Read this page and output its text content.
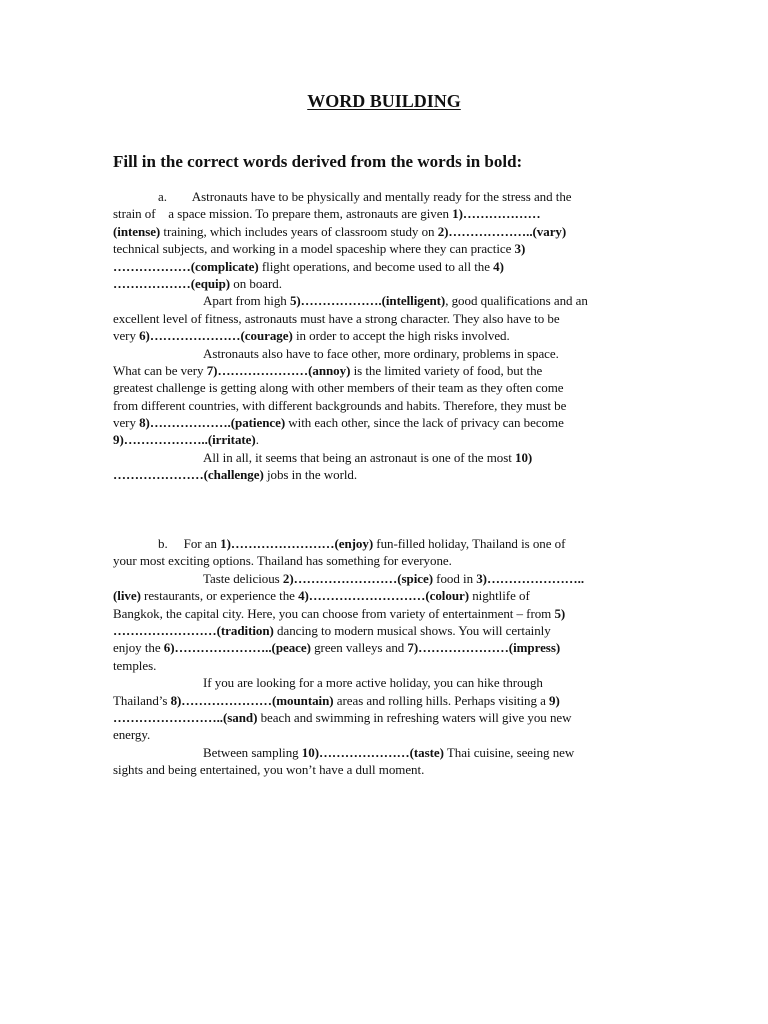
WORD BUILDING

Fill in the correct words derived from the words in bold:

a.        Astronauts have to be physically and mentally ready for the stress and the
strain of    a space mission. To prepare them, astronauts are given 1)………………
(intense) training, which includes years of classroom study on 2)………………..(vary)
technical subjects, and working in a model spaceship where they can practice 3)
………………(complicate) flight operations, and become used to all the 4)
………………(equip) on board.
Apart from high 5)……………….(intelligent), good qualifications and an
excellent level of fitness, astronauts must have a strong character. They also have to be
very 6)…………………(courage) in order to accept the high risks involved.
Astronauts also have to face other, more ordinary, problems in space.
What can be very 7)…………………(annoy) is the limited variety of food, but the
greatest challenge is getting along with other members of their team as they often come
from different countries, with different backgrounds and habits. Therefore, they must be
very 8)……………….(patience) with each other, since the lack of privacy can become
9)………………..(irritate).
All in all, it seems that being an astronaut is one of the most 10)
…………………(challenge) jobs in the world.
b.     For an 1)……………………(enjoy) fun-filled holiday, Thailand is one of
your most exciting options. Thailand has something for everyone.
Taste delicious 2)……………………(spice) food in 3)…………………..
(live) restaurants, or experience the 4)………………………(colour) nightlife of
Bangkok, the capital city. Here, you can choose from variety of entertainment – from 5)
……………………(tradition) dancing to modern musical shows. You will certainly
enjoy the 6)…………………..(peace) green valleys and 7)…………………(impress)
temples.
If you are looking for a more active holiday, you can hike through
Thailand’s 8)…………………(mountain) areas and rolling hills. Perhaps visiting a 9)
……………………..(sand) beach and swimming in refreshing waters will give you new
energy.
Between sampling 10)…………………(taste) Thai cuisine, seeing new
sights and being entertained, you won’t have a dull moment.
